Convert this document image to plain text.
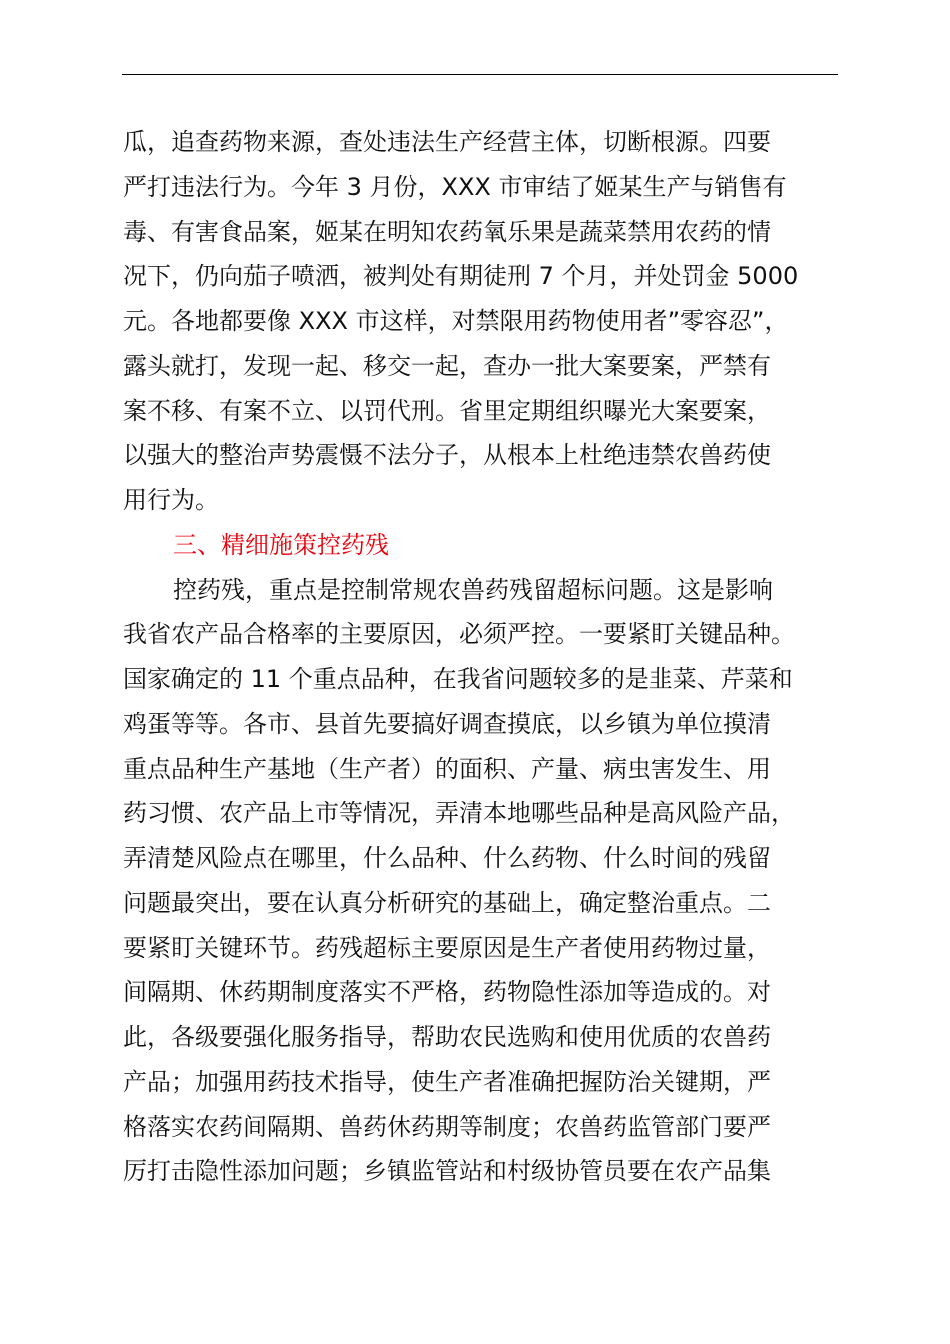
瓜，追查药物来源，查处违法生产经营主体，切断根源。四要
严打违法行为。今年 3 月份，XXX 市审结了姬某生产与销售有
毒、有害食品案，姬某在明知农药氧乐果是蔬菜禁用农药的情
况下，仍向茄子喷洒，被判处有期徒刑 7 个月，并处罚金 5000
元。各地都要像 XXX 市这样，对禁限用药物使用者”零容忍”，
露头就打，发现一起、移交一起，查办一批大案要案，严禁有
案不移、有案不立、以罚代刑。省里定期组织曝光大案要案，
以强大的整治声势震慑不法分子，从根本上杜绝违禁农兽药使
用行为。
三、精细施策控药残
控药残，重点是控制常规农兽药残留超标问题。这是影响
我省农产品合格率的主要原因，必须严控。一要紧盯关键品种。
国家确定的 11 个重点品种，在我省问题较多的是韭菜、芹菜和
鸡蛋等等。各市、县首先要搞好调查摸底，以乡镇为单位摸清
重点品种生产基地（生产者）的面积、产量、病虫害发生、用
药习惯、农产品上市等情况，弄清本地哪些品种是高风险产品，
弄清楚风险点在哪里，什么品种、什么药物、什么时间的残留
问题最突出，要在认真分析研究的基础上，确定整治重点。二
要紧盯关键环节。药残超标主要原因是生产者使用药物过量，
间隔期、休药期制度落实不严格，药物隐性添加等造成的。对
此，各级要强化服务指导，帮助农民选购和使用优质的农兽药
产品；加强用药技术指导，使生产者准确把握防治关键期，严
格落实农药间隔期、兽药休药期等制度；农兽药监管部门要严
厉打击隐性添加问题；乡镇监管站和村级协管员要在农产品集
